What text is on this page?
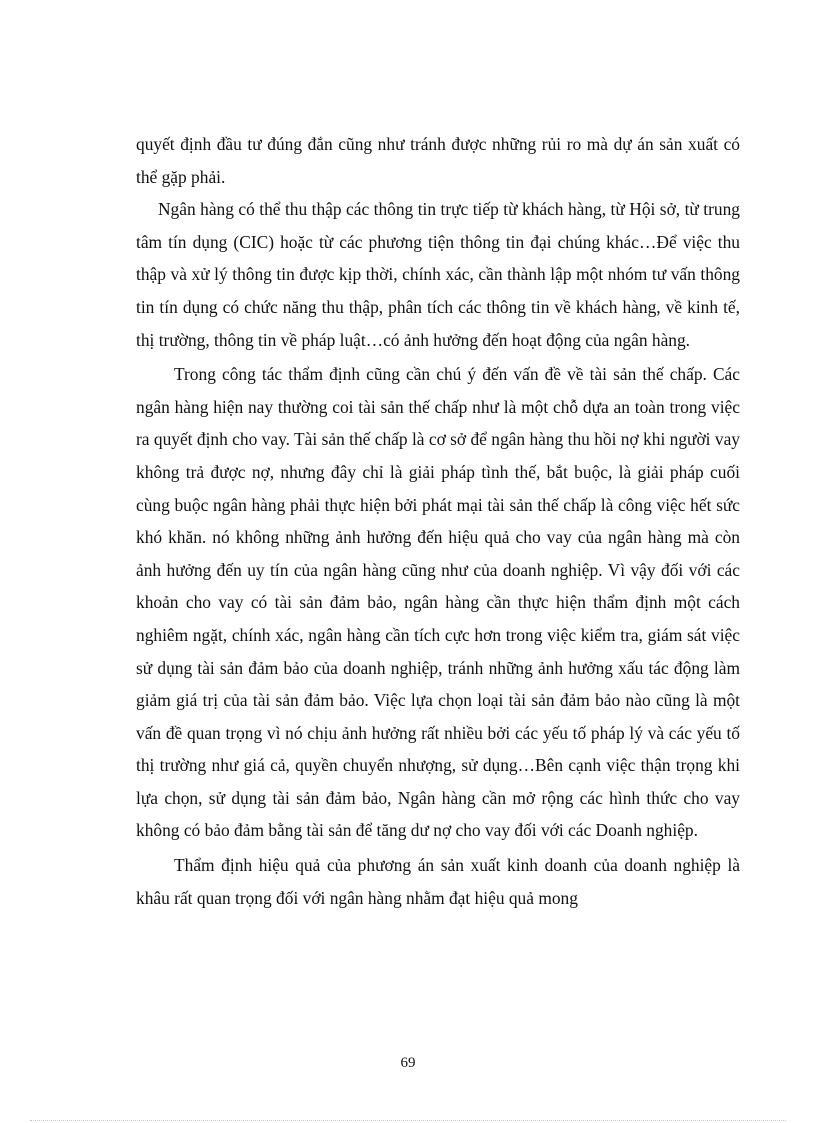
quyết định đầu tư đúng đắn cũng như tránh được những rủi ro mà dự án sản xuất có thể gặp phải.

Ngân hàng có thể thu thập các thông tin trực tiếp từ khách hàng, từ Hội sở, từ trung tâm tín dụng (CIC) hoặc từ các phương tiện thông tin đại chúng khác…Để việc thu thập và xử lý thông tin được kịp thời, chính xác, cần thành lập một nhóm tư vấn thông tin tín dụng có chức năng thu thập, phân tích các thông tin về khách hàng, về kinh tế, thị trường, thông tin về pháp luật…có ảnh hưởng đến hoạt động của ngân hàng.

Trong công tác thẩm định cũng cần chú ý đến vấn đề về tài sản thế chấp. Các ngân hàng hiện nay thường coi tài sản thế chấp như là một chỗ dựa an toàn trong việc ra quyết định cho vay. Tài sản thế chấp là cơ sở để ngân hàng thu hồi nợ khi người vay không trả được nợ, nhưng đây chỉ là giải pháp tình thế, bắt buộc, là giải pháp cuối cùng buộc ngân hàng phải thực hiện bởi phát mại tài sản thế chấp là công việc hết sức khó khăn. nó không những ảnh hưởng đến hiệu quả cho vay của ngân hàng mà còn ảnh hưởng đến uy tín của ngân hàng cũng như của doanh nghiệp. Vì vậy đối với các khoản cho vay có tài sản đảm bảo, ngân hàng cần thực hiện thẩm định một cách nghiêm ngặt, chính xác, ngân hàng cần tích cực hơn trong việc kiểm tra, giám sát việc sử dụng tài sản đảm bảo của doanh nghiệp, tránh những ảnh hưởng xấu tác động làm giảm giá trị của tài sản đảm bảo. Việc lựa chọn loại tài sản đảm bảo nào cũng là một vấn đề quan trọng vì nó chịu ảnh hưởng rất nhiều bởi các yếu tố pháp lý và các yếu tố thị trường như giá cả, quyền chuyển nhượng, sử dụng…Bên cạnh việc thận trọng khi lựa chọn, sử dụng tài sản đảm bảo, Ngân hàng cần mở rộng các hình thức cho vay không có bảo đảm bằng tài sản để tăng dư nợ cho vay đối với các Doanh nghiệp.

Thẩm định hiệu quả của phương án sản xuất kinh doanh của doanh nghiệp là khâu rất quan trọng đối với ngân hàng nhằm đạt hiệu quả mong

69
